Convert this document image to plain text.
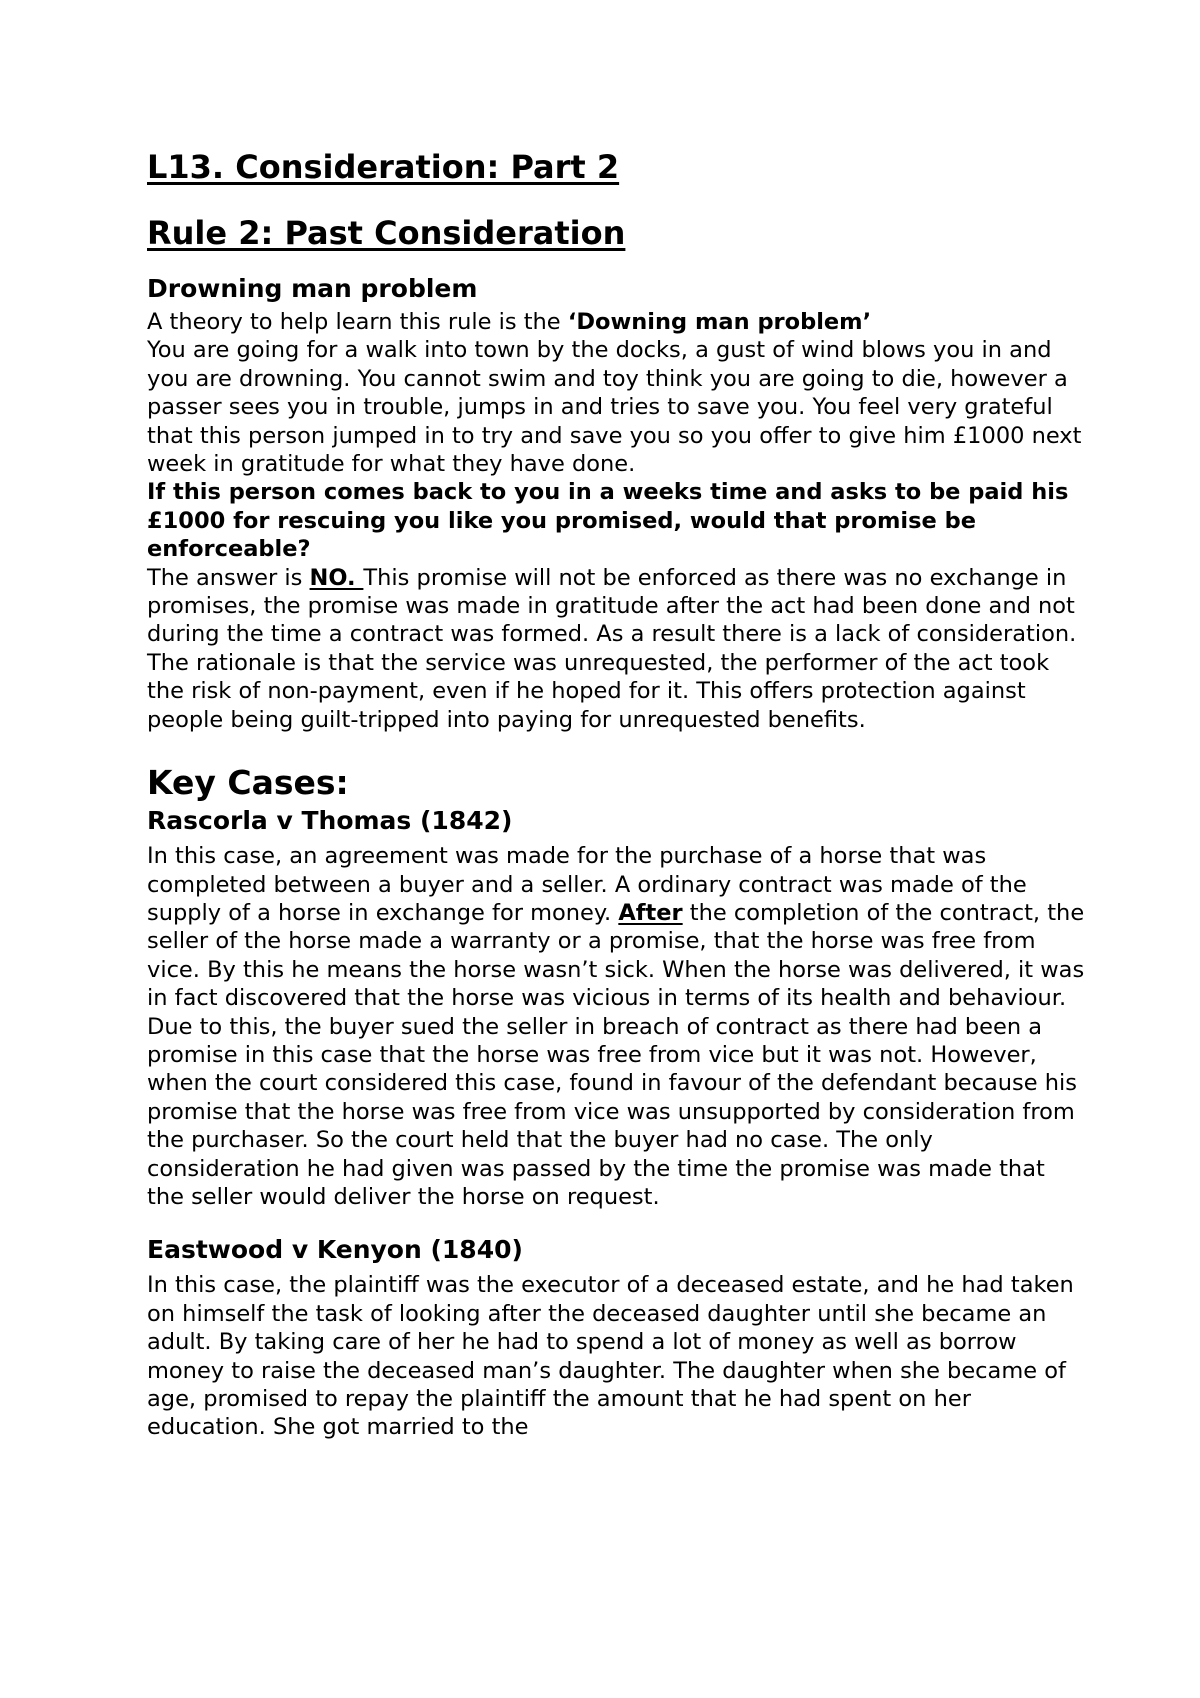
L13. Consideration: Part 2
Rule 2: Past Consideration
Drowning man problem

A theory to help learn this rule is the ‘Downing man problem’

You are going for a walk into town by the docks, a gust of wind blows you in and you are drowning. You cannot swim and toy think you are going to die, however a passer sees you in trouble, jumps in and tries to save you. You feel very grateful that this person jumped in to try and save you so you offer to give him £1000 next week in gratitude for what they have done.

If this person comes back to you in a weeks time and asks to be paid his £1000 for rescuing you like you promised, would that promise be enforceable?

The answer is NO. This promise will not be enforced as there was no exchange in promises, the promise was made in gratitude after the act had been done and not during the time a contract was formed. As a result there is a lack of consideration.

The rationale is that the service was unrequested, the performer of the act took the risk of non-payment, even if he hoped for it. This offers protection against people being guilt-tripped into paying for unrequested benefits.

Key Cases:
Rascorla v Thomas (1842)

In this case, an agreement was made for the purchase of a horse that was completed between a buyer and a seller. A ordinary contract was made of the supply of a horse in exchange for money. After the completion of the contract, the seller of the horse made a warranty or a promise, that the horse was free from vice. By this he means the horse wasn’t sick. When the horse was delivered, it was in fact discovered that the horse was vicious in terms of its health and behaviour. Due to this, the buyer sued the seller in breach of contract as there had been a promise in this case that the horse was free from vice but it was not. However, when the court considered this case, found in favour of the defendant because his promise that the horse was free from vice was unsupported by consideration from the purchaser. So the court held that the buyer had no case. The only consideration he had given was passed by the time the promise was made that the seller would deliver the horse on request.

Eastwood v Kenyon (1840)

In this case, the plaintiff was the executor of a deceased estate, and he had taken on himself the task of looking after the deceased daughter until she became an adult. By taking care of her he had to spend a lot of money as well as borrow money to raise the deceased man’s daughter. The daughter when she became of age, promised to repay the plaintiff the amount that he had spent on her education. She got married to the
